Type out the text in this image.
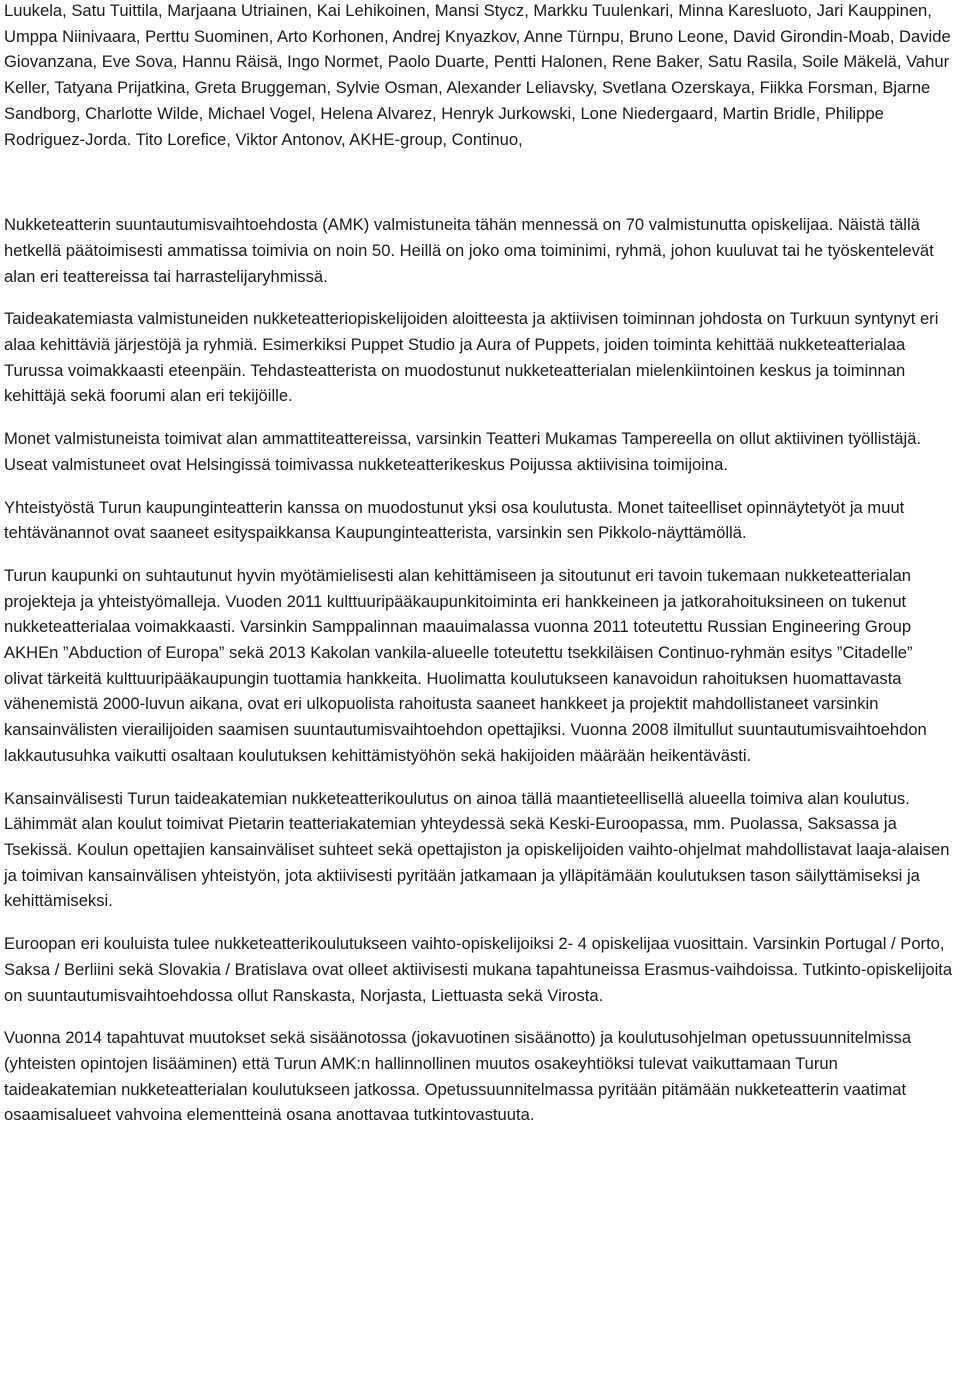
Luukela, Satu Tuittila, Marjaana Utriainen, Kai Lehikoinen, Mansi Stycz, Markku Tuulenkari, Minna Karesluoto, Jari Kauppinen, Umppa Niinivaara, Perttu Suominen, Arto Korhonen, Andrej Knyazkov, Anne Türnpu, Bruno Leone, David Girondin-Moab, Davide Giovanzana, Eve Sova, Hannu Räisä, Ingo Normet, Paolo Duarte, Pentti Halonen, Rene Baker, Satu Rasila, Soile Mäkelä, Vahur Keller, Tatyana Prijatkina, Greta Bruggeman, Sylvie Osman, Alexander Leliavsky, Svetlana Ozerskaya, Fiikka Forsman, Bjarne Sandborg, Charlotte Wilde, Michael Vogel, Helena Alvarez, Henryk Jurkowski, Lone Niedergaard, Martin Bridle, Philippe Rodriguez-Jorda. Tito Lorefice, Viktor Antonov, AKHE-group, Continuo,

Nukketeatterin suuntautumisvaihtoehdosta (AMK) valmistuneita tähän mennessä on 70 valmistunutta opiskelijaa. Näistä tällä hetkellä päätoimisesti ammatissa toimivia on noin 50. Heillä on joko oma toiminimi, ryhmä, johon kuuluvat tai he työskentelevät alan eri teattereissa tai harrastelijaryhmissä.

Taideakatemiasta valmistuneiden nukketeatteriopiskelijoiden aloitteesta ja aktiivisen toiminnan johdosta on Turkuun syntynyt eri alaa kehittäviä järjestöjä ja ryhmiä. Esimerkiksi Puppet Studio ja Aura of Puppets, joiden toiminta kehittää nukketeatterialaa Turussa voimakkaasti eteenpäin. Tehdasteatterista on muodostunut nukketeatterialan mielenkiintoinen keskus ja toiminnan kehittäjä sekä foorumi alan eri tekijöille.

Monet valmistuneista toimivat alan ammattiteattereissa, varsinkin Teatteri Mukamas Tampereella on ollut aktiivinen työllistäjä. Useat valmistuneet ovat Helsingissä toimivassa nukketeatterikeskus Poijussa aktiivisina toimijoina.

Yhteistyöstä Turun kaupunginteatterin kanssa on muodostunut yksi osa koulutusta. Monet taiteelliset opinnäytetyöt ja muut tehtävänannot ovat saaneet esityspaikkansa Kaupunginteatterista, varsinkin sen Pikkolo-näyttämöllä.

Turun kaupunki on suhtautunut hyvin myötämielisesti alan kehittämiseen ja sitoutunut eri tavoin tukemaan nukketeatterialan projekteja ja yhteistyömalleja. Vuoden 2011 kulttuuripääkaupunkitoiminta eri hankkeineen ja jatkorahoituksineen on tukenut nukketeatterialaa voimakkaasti. Varsinkin Samppalinnan maauimalassa vuonna 2011 toteutettu Russian Engineering Group AKHEn ”Abduction of Europa” sekä 2013 Kakolan vankila-alueelle toteutettu tsekkiläisen Continuo-ryhmän esitys ”Citadelle” olivat tärkeitä kulttuuripääkaupungin tuottamia hankkeita. Huolimatta koulutukseen kanavoidun rahoituksen huomattavasta vähenemistä 2000-luvun aikana, ovat eri ulkopuolista rahoitusta saaneet hankkeet ja projektit mahdollistaneet varsinkin kansainvälisten vierailijoiden saamisen suuntautumisvaihtoehdon opettajiksi. Vuonna 2008 ilmitullut suuntautumisvaihtoehdon lakkautusuhka vaikutti osaltaan koulutuksen kehittämistyöhön sekä hakijoiden määrään heikentävästi.

Kansainvälisesti Turun taideakatemian nukketeatterikoulutus on ainoa tällä maantieteellisellä alueella toimiva alan koulutus. Lähimmät alan koulut toimivat Pietarin teatteriakatemian yhteydessä sekä Keski-Euroopassa, mm. Puolassa, Saksassa ja Tsekissä. Koulun opettajien kansainväliset suhteet sekä opettajiston ja opiskelijoiden vaihto-ohjelmat mahdollistavat laaja-alaisen ja toimivan kansainvälisen yhteistyön, jota aktiivisesti pyritään jatkamaan ja ylläpitämään koulutuksen tason säilyttämiseksi ja kehittämiseksi.

Euroopan eri kouluista tulee nukketeatterikoulutukseen vaihto-opiskelijoiksi 2- 4 opiskelijaa vuosittain. Varsinkin Portugal / Porto, Saksa / Berliini sekä Slovakia / Bratislava ovat olleet aktiivisesti mukana tapahtuneissa Erasmus-vaihdoissa. Tutkinto-opiskelijoita on suuntautumisvaihtoehdossa ollut Ranskasta, Norjasta, Liettuasta sekä Virosta.

Vuonna 2014 tapahtuvat muutokset sekä sisäänotossa (jokavuotinen sisäänotto) ja koulutusohjelman opetussuunnitelmissa (yhteisten opintojen lisääminen) että Turun AMK:n hallinnollinen muutos osakeyhtiöksi tulevat vaikuttamaan Turun taideakatemian nukketeatterialan koulutukseen jatkossa. Opetussuunnitelmassa pyritään pitämään nukketeatterin vaatimat osaamisalueet vahvoina elementteinä osana anottavaa tutkintovastuuta.
